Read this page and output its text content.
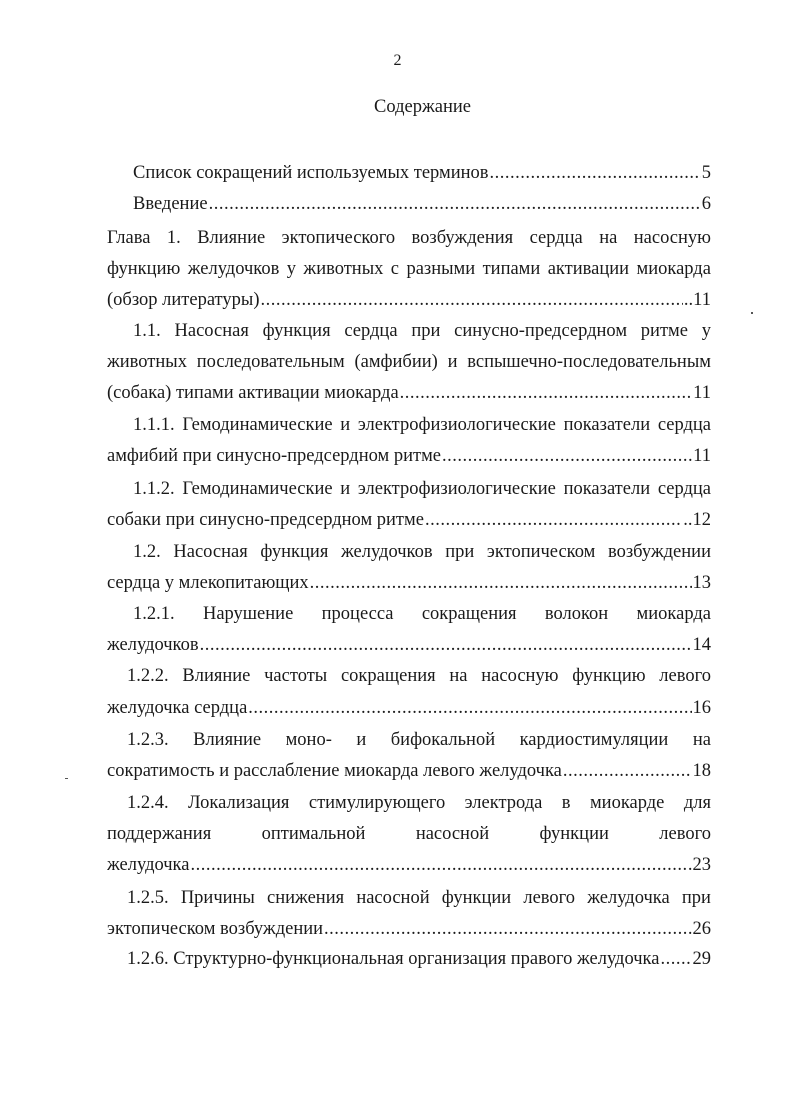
2
Содержание
Список сокращений используемых терминов .....	5
Введение .....	6
Глава 1. Влияние эктопического возбуждения сердца на насосную
функцию желудочков у животных с разными типами активации миокарда
(обзор литературы) .....	..11
1.1. Насосная функция сердца при синусно-предсердном ритме у
животных последовательным (амфибии) и вспышечно-последовательным
(собака) типами активации миокарда .....	11
1.1.1. Гемодинамические и электрофизиологические показатели сердца
амфибий при синусно-предсердном ритме .....	11
1.1.2. Гемодинамические и электрофизиологические показатели сердца
собаки при синусно-предсердном ритме .....	..12
1.2. Насосная функция желудочков при эктопическом возбуждении
сердца у млекопитающих .....	13
1.2.1. Нарушение процесса сокращения волокон миокарда
желудочков .....	14
1.2.2. Влияние частоты сокращения на насосную функцию левого
желудочка сердца .....	16
1.2.3. Влияние моно- и бифокальной кардиостимуляции на
сократимость и расслабление миокарда левого желудочка .....	18
1.2.4. Локализация стимулирующего электрода в миокарде для
поддержания	оптимальной	насосной	функции	левого
желудочка .....	.23
1.2.5. Причины снижения насосной функции левого желудочка при
эктопическом возбуждении .....	26
1.2.6. Структурно-функциональная организация правого желудочка ..... 29
